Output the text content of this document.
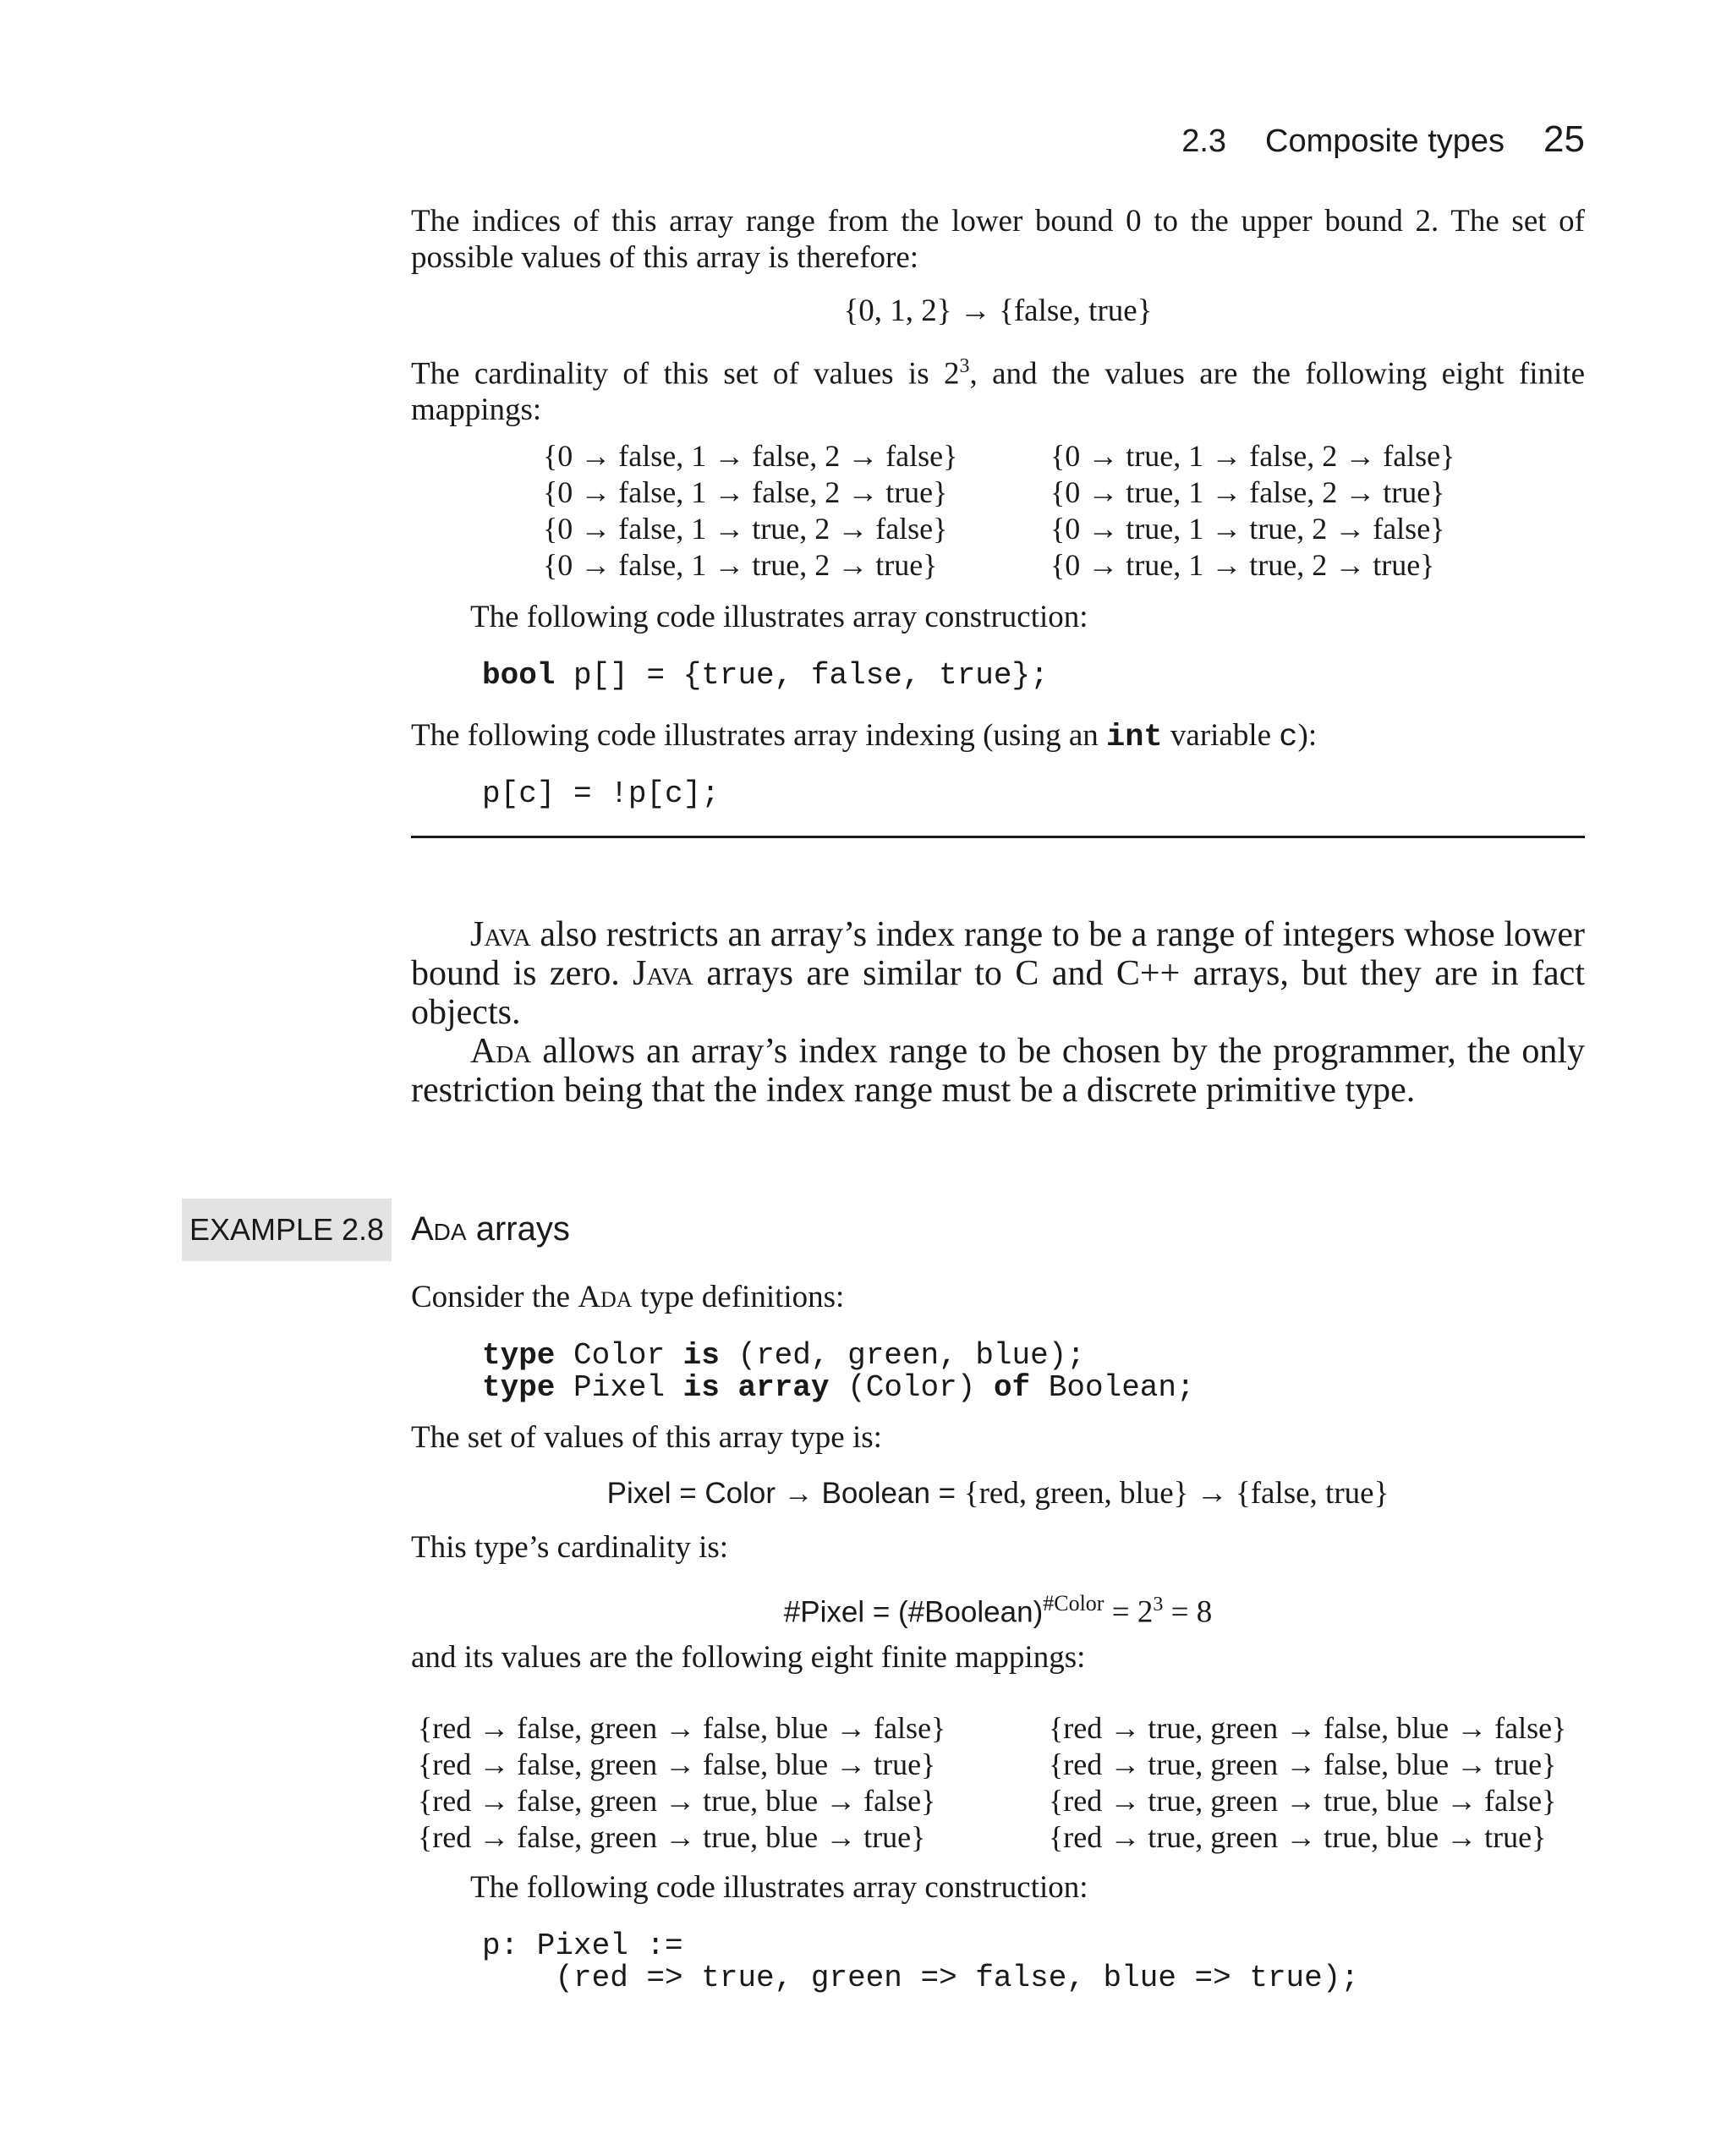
2.3 Composite types 25

The indices of this array range from the lower bound 0 to the upper bound 2. The set of possible values of this array is therefore:

{0, 1, 2} → {false, true}

The cardinality of this set of values is $2^3$, and the values are the following eight finite mappings:

{0 → false, 1 → false, 2 → false}	{0 → true, 1 → false, 2 → false}
{0 → false, 1 → false, 2 → true}	{0 → true, 1 → false, 2 → true}
{0 → false, 1 → true, 2 → false}	{0 → true, 1 → true, 2 → false}
{0 → false, 1 → true, 2 → true}	{0 → true, 1 → true, 2 → true}

The following code illustrates array construction:

bool p[] = {true, false, true};

The following code illustrates array indexing (using an int variable c):

p[c] = !p[c];

Java also restricts an array’s index range to be a range of integers whose lower bound is zero. Java arrays are similar to C and C++ arrays, but they are in fact objects.

Ada allows an array’s index range to be chosen by the programmer, the only restriction being that the index range must be a discrete primitive type.

EXAMPLE 2.8 Ada arrays

Consider the Ada type definitions:

type Color is (red, green, blue);
type Pixel is array (Color) of Boolean;

The set of values of this array type is:

Pixel = Color → Boolean = {red, green, blue} → {false, true}

This type’s cardinality is:

#Pixel = (#Boolean)$^{\#Color}$ = $2^3 = 8$

and its values are the following eight finite mappings:

{red → false, green → false, blue → false}	{red → true, green → false, blue → false}
{red → false, green → false, blue → true}	{red → true, green → false, blue → true}
{red → false, green → true, blue → false}	{red → true, green → true, blue → false}
{red → false, green → true, blue → true}	{red → true, green → true, blue → true}

The following code illustrates array construction:

p: Pixel :=
(red => true, green => false, blue => true);
